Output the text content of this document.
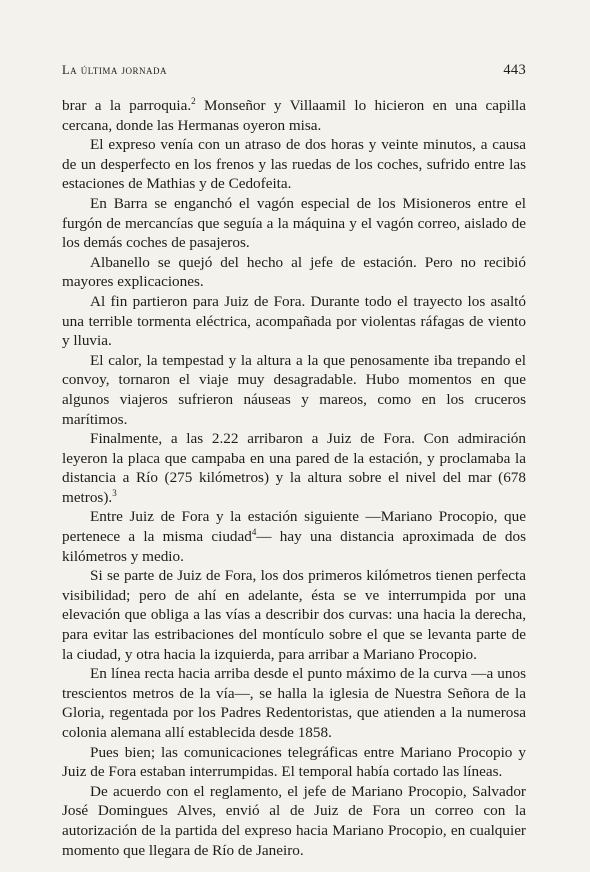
La última jornada	443

brar a la parroquia.$^2$ Monseñor y Villaamil lo hicieron en una capilla cercana, donde las Hermanas oyeron misa.

El expreso venía con un atraso de dos horas y veinte minutos, a causa de un desperfecto en los frenos y las ruedas de los coches, sufrido entre las estaciones de Mathias y de Cedofeita.

En Barra se enganchó el vagón especial de los Misioneros entre el furgón de mercancías que seguía a la máquina y el vagón correo, aislado de los demás coches de pasajeros.

Albanello se quejó del hecho al jefe de estación. Pero no recibió mayores explicaciones.

Al fin partieron para Juiz de Fora. Durante todo el trayecto los asaltó una terrible tormenta eléctrica, acompañada por violentas ráfagas de viento y lluvia.

El calor, la tempestad y la altura a la que penosamente iba trepando el convoy, tornaron el viaje muy desagradable. Hubo momentos en que algunos viajeros sufrieron náuseas y mareos, como en los cruceros marítimos.

Finalmente, a las 2.22 arribaron a Juiz de Fora. Con admiración leyeron la placa que campaba en una pared de la estación, y proclamaba la distancia a Río (275 kilómetros) y la altura sobre el nivel del mar (678 metros).$^3$

Entre Juiz de Fora y la estación siguiente —Mariano Procopio, que pertenece a la misma ciudad$^4$— hay una distancia aproximada de dos kilómetros y medio.

Si se parte de Juiz de Fora, los dos primeros kilómetros tienen perfecta visibilidad; pero de ahí en adelante, ésta se ve interrumpida por una elevación que obliga a las vías a describir dos curvas: una hacia la derecha, para evitar las estribaciones del montículo sobre el que se levanta parte de la ciudad, y otra hacia la izquierda, para arribar a Mariano Procopio.

En línea recta hacia arriba desde el punto máximo de la curva —a unos trescientos metros de la vía—, se halla la iglesia de Nuestra Señora de la Gloria, regentada por los Padres Redentoristas, que atienden a la numerosa colonia alemana allí establecida desde 1858.

Pues bien; las comunicaciones telegráficas entre Mariano Procopio y Juiz de Fora estaban interrumpidas. El temporal había cortado las líneas.

De acuerdo con el reglamento, el jefe de Mariano Procopio, Salvador José Domingues Alves, envió al de Juiz de Fora un correo con la autorización de la partida del expreso hacia Mariano Procopio, en cualquier momento que llegara de Río de Janeiro.
